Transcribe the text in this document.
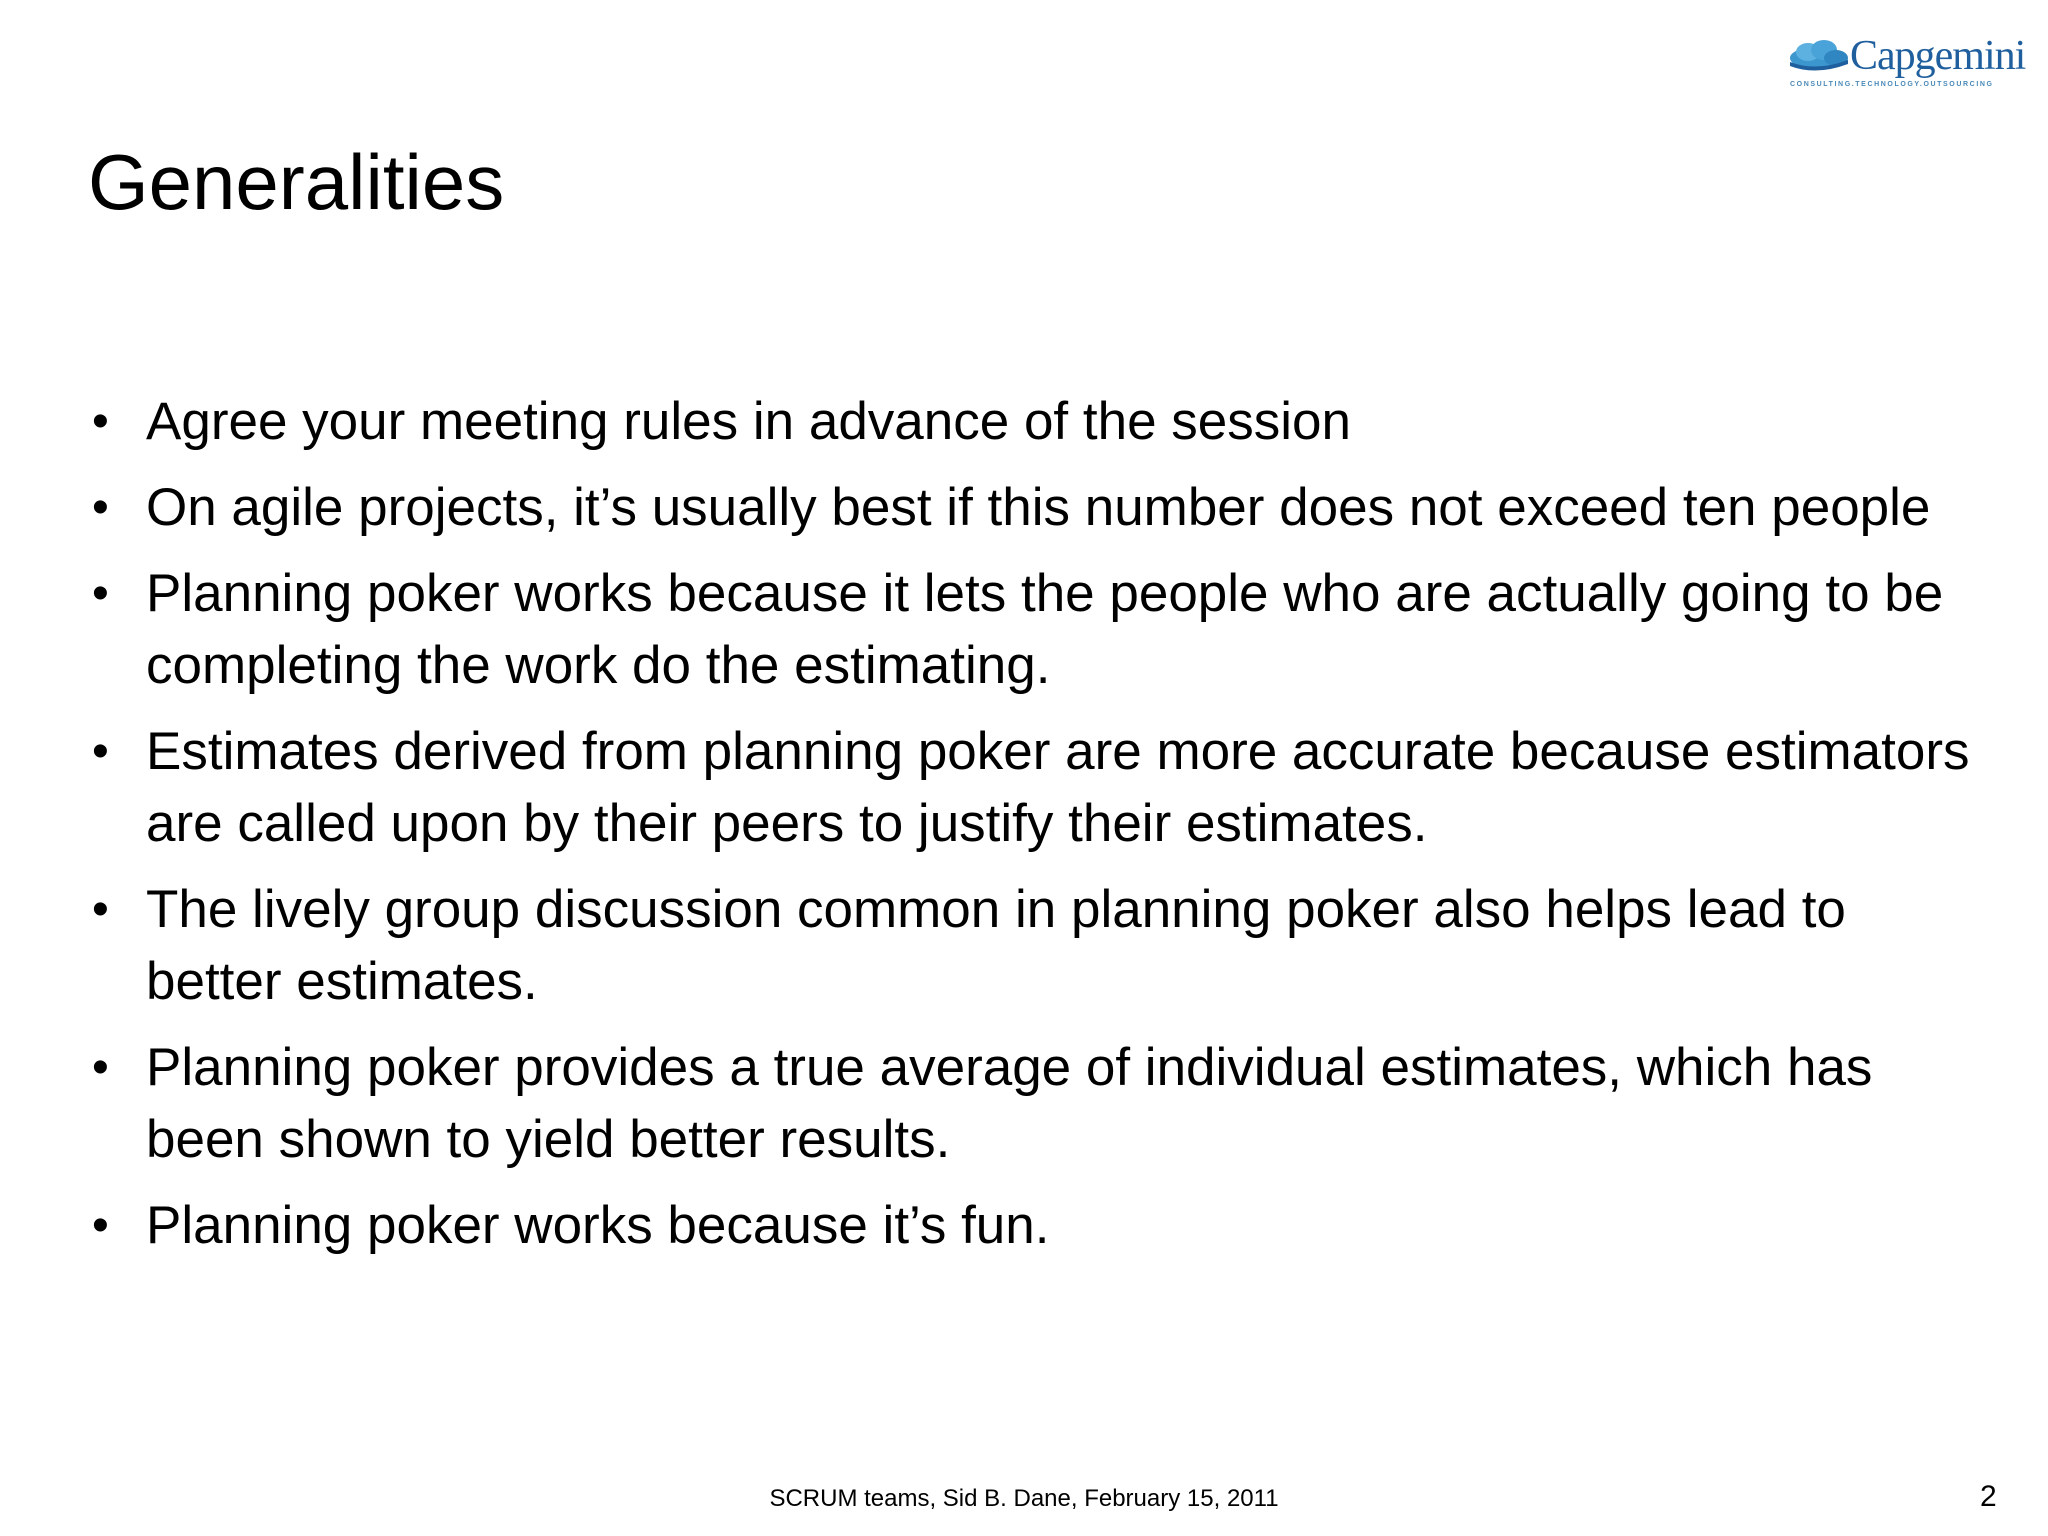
Capgemini
CONSULTING.TECHNOLOGY.OUTSOURCING
Generalities
• Agree your meeting rules in advance of the session
• On agile projects, it’s usually best if this number does not exceed ten people
• Planning poker works because it lets the people who are actually going to be completing the work do the estimating.
• Estimates derived from planning poker are more accurate because estimators are called upon by their peers to justify their estimates.
• The lively group discussion common in planning poker also helps lead to better estimates.
• Planning poker provides a true average of individual estimates, which has been shown to yield better results.
• Planning poker works because it’s fun.
SCRUM teams, Sid B. Dane, February 15, 2011	2
